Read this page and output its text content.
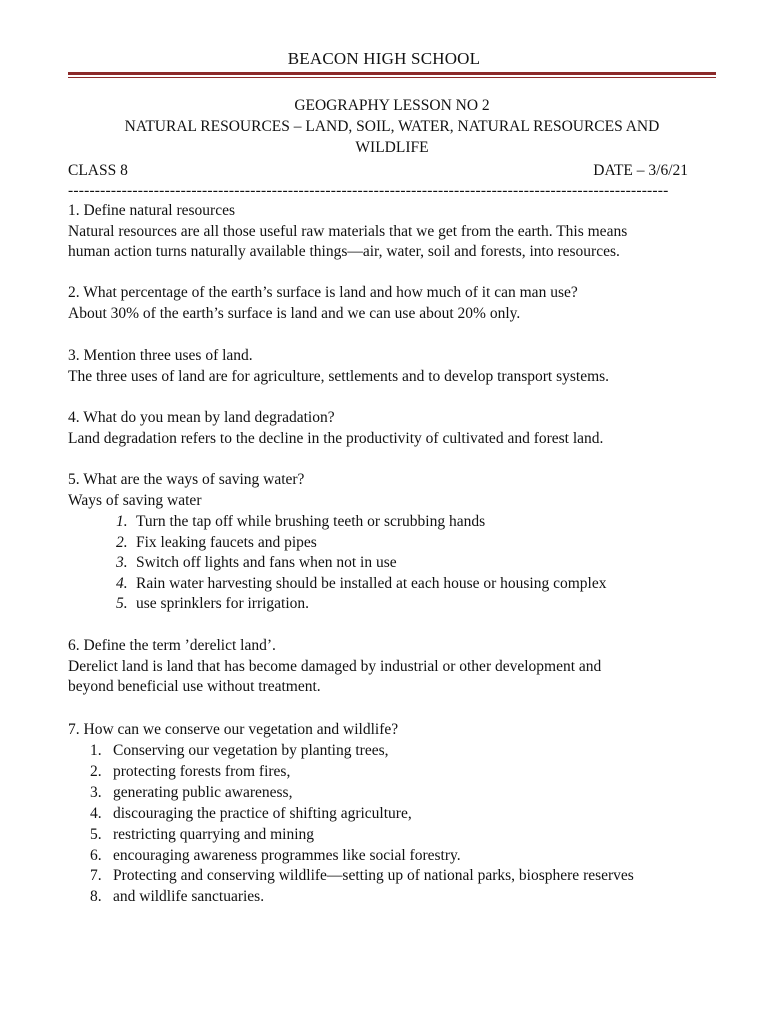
BEACON HIGH SCHOOL
GEOGRAPHY LESSON NO 2
NATURAL RESOURCES – LAND, SOIL, WATER, NATURAL RESOURCES AND
WILDLIFE
CLASS 8	DATE – 3/6/21
----------------------------------------------------------------------------------------------------------------

1. Define natural resources

Natural resources are all those useful raw materials that we get from the earth. This means

human action turns naturally available things—air, water, soil and forests, into resources.

2. What percentage of the earth’s surface is land and how much of it can man use?

About 30% of the earth’s surface is land and we can use about 20% only.

3. Mention three uses of land.

The three uses of land are for agriculture, settlements and to develop transport systems.

4. What do you mean by land degradation?

Land degradation refers to the decline in the productivity of cultivated and forest land.

5. What are the ways of saving water?

Ways of saving water

1. Turn the tap off while brushing teeth or scrubbing hands
2. Fix leaking faucets and pipes
3. Switch off lights and fans when not in use
4. Rain water harvesting should be installed at each house or housing complex
5. use sprinklers for irrigation.

6. Define the term ’derelict land’.

Derelict land is land that has become damaged by industrial or other development and

beyond beneficial use without treatment.

7. How can we conserve our vegetation and wildlife?

1. Conserving our vegetation by planting trees,
2. protecting forests from fires,
3. generating public awareness,
4. discouraging the practice of shifting agriculture,
5. restricting quarrying and mining
6. encouraging awareness programmes like social forestry.
7. Protecting and conserving wildlife—setting up of national parks, biosphere reserves
8. and wildlife sanctuaries.
